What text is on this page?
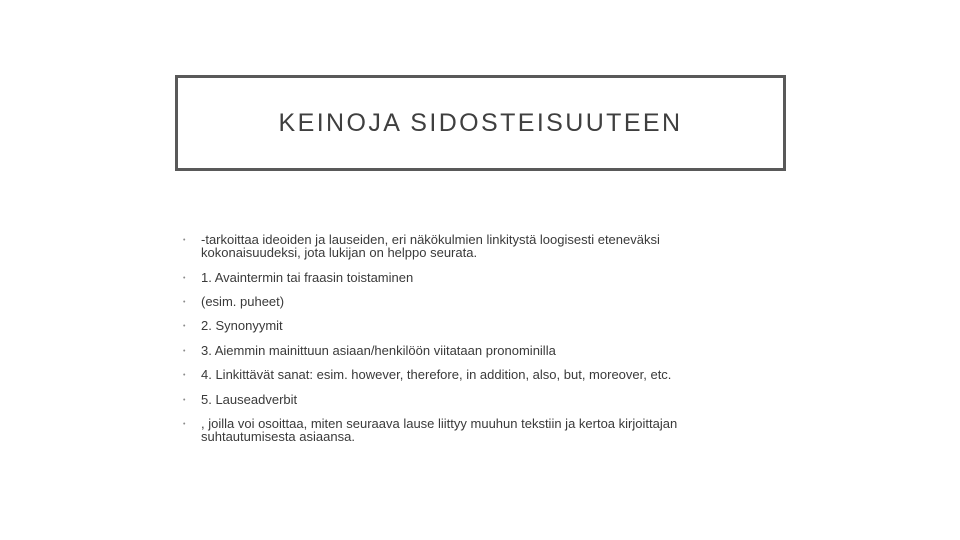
KEINOJA SIDOSTEISUUTEEN
•	-tarkoittaa ideoiden ja lauseiden, eri näkökulmien linkitystä loogisesti eteneväksi kokonaisuudeksi, jota lukijan on helppo seurata.
•	1. Avaintermin tai fraasin toistaminen
•	(esim. puheet)
•	2. Synonyymit
•	3. Aiemmin mainittuun asiaan/henkilöön viitataan pronominilla
•	4. Linkittävät sanat: esim. however, therefore, in addition, also, but, moreover, etc.
•	5. Lauseadverbit
•	, joilla voi osoittaa, miten seuraava lause liittyy muuhun tekstiin ja kertoa kirjoittajan suhtautumisesta asiaansa.
